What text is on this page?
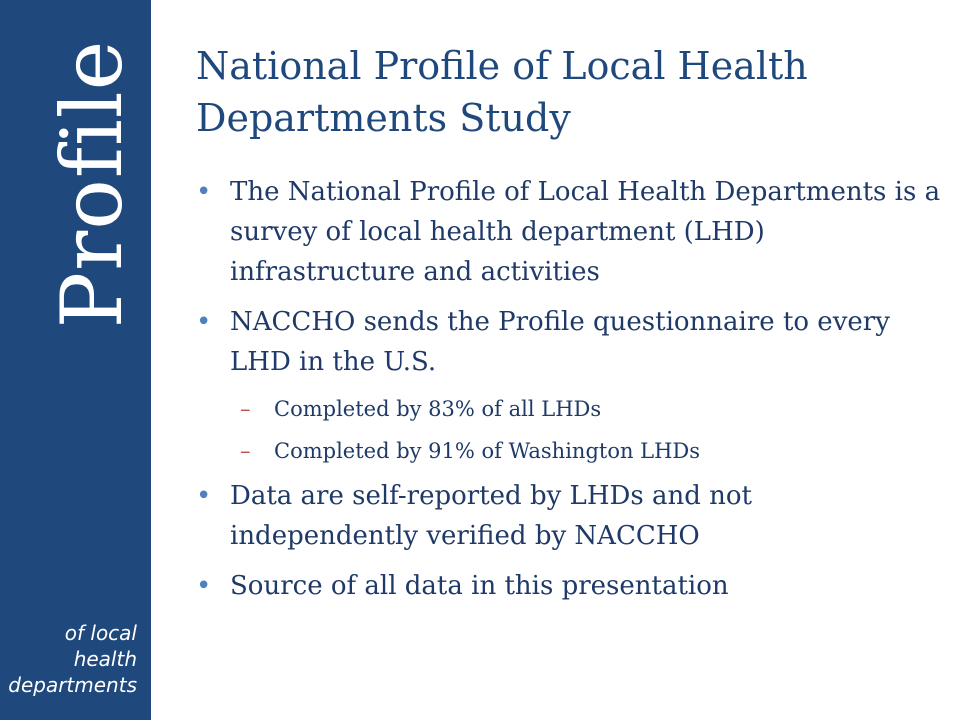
Profile
of local
health
departments
National Profile of Local Health Departments Study
• The National Profile of Local Health Departments is a survey of local health department (LHD) infrastructure and activities
• NACCHO sends the Profile questionnaire to every LHD in the U.S.
– Completed by 83% of all LHDs
– Completed by 91% of Washington LHDs
• Data are self-reported by LHDs and not independently verified by NACCHO
• Source of all data in this presentation
